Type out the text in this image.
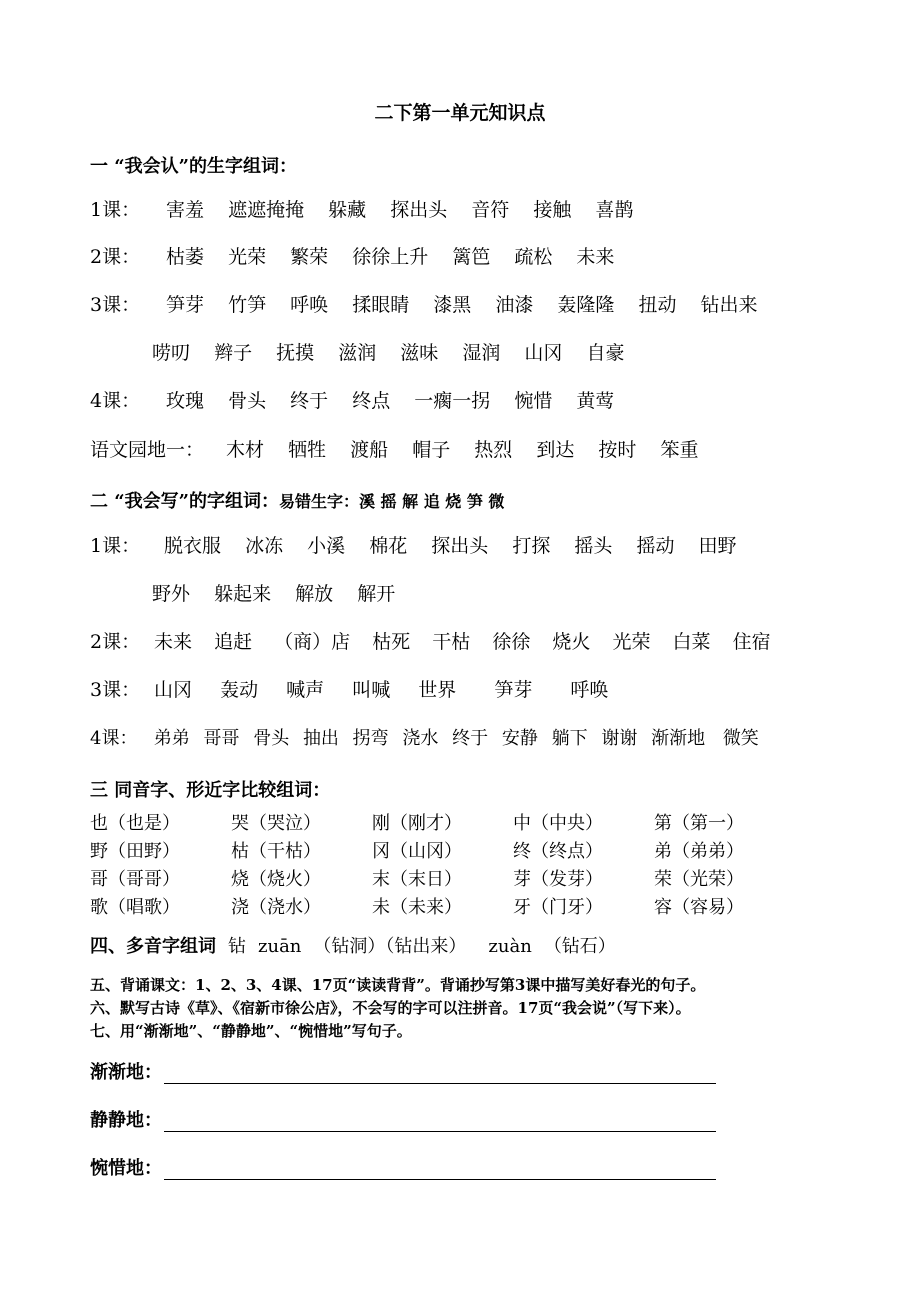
二下第一单元知识点
一 “我会认”的生字组词：
1课： 害羞 遮遮掩掩 躲藏 探出头 音符 接触 喜鹊
2课： 枯萎 光荣 繁荣 徐徐上升 篱笆 疏松 未来
3课： 笋芽 竹笋 呼唤 揉眼睛 漆黑 油漆 轰隆隆 扭动 钻出来
唠叨 辫子 抚摸 滋润 滋味 湿润 山冈 自豪
4课： 玫瑰 骨头 终于 终点 一瘸一拐 惋惜 黄莺
语文园地一： 木材 牺牲 渡船 帽子 热烈 到达 按时 笨重
二 “我会写”的字组词：易错生字：溪 摇 解 追 烧 笋 微
1课： 脱衣服 冰冻 小溪 棉花 探出头 打探 摇头 摇动 田野
野外 躲起来 解放 解开
2课： 未来 追赶 （商）店 枯死 干枯 徐徐 烧火 光荣 白菜 住宿
3课： 山冈 轰动 喊声 叫喊 世界 笋芽 呼唤
4课： 弟弟 哥哥 骨头 抽出 拐弯 浇水 终于 安静 躺下 谢谢 渐渐地 微笑
三 同音字、形近字比较组词：
也（也是）	哭（哭泣）	刚（刚才）	中（中央）	第（第一）
野（田野）	枯（干枯）	冈（山冈）	终（终点）	弟（弟弟）
哥（哥哥）	烧（烧火）	末（末日）	芽（发芽）	荣（光荣）
歌（唱歌）	浇（浇水）	未（未来）	牙（门牙）	容（容易）
四、多音字组词 钻 zuān （钻洞）（钻出来） zuàn （钻石）
五、背诵课文：1、2、3、4课、17页“读读背背”。背诵抄写第3课中描写美好春光的句子。
六、默写古诗《草》、《宿新市徐公店》，不会写的字可以注拼音。17页“我会说”（写下来）。
七、用“渐渐地”、“静静地”、“惋惜地”写句子。
渐渐地：
静静地：
惋惜地：
